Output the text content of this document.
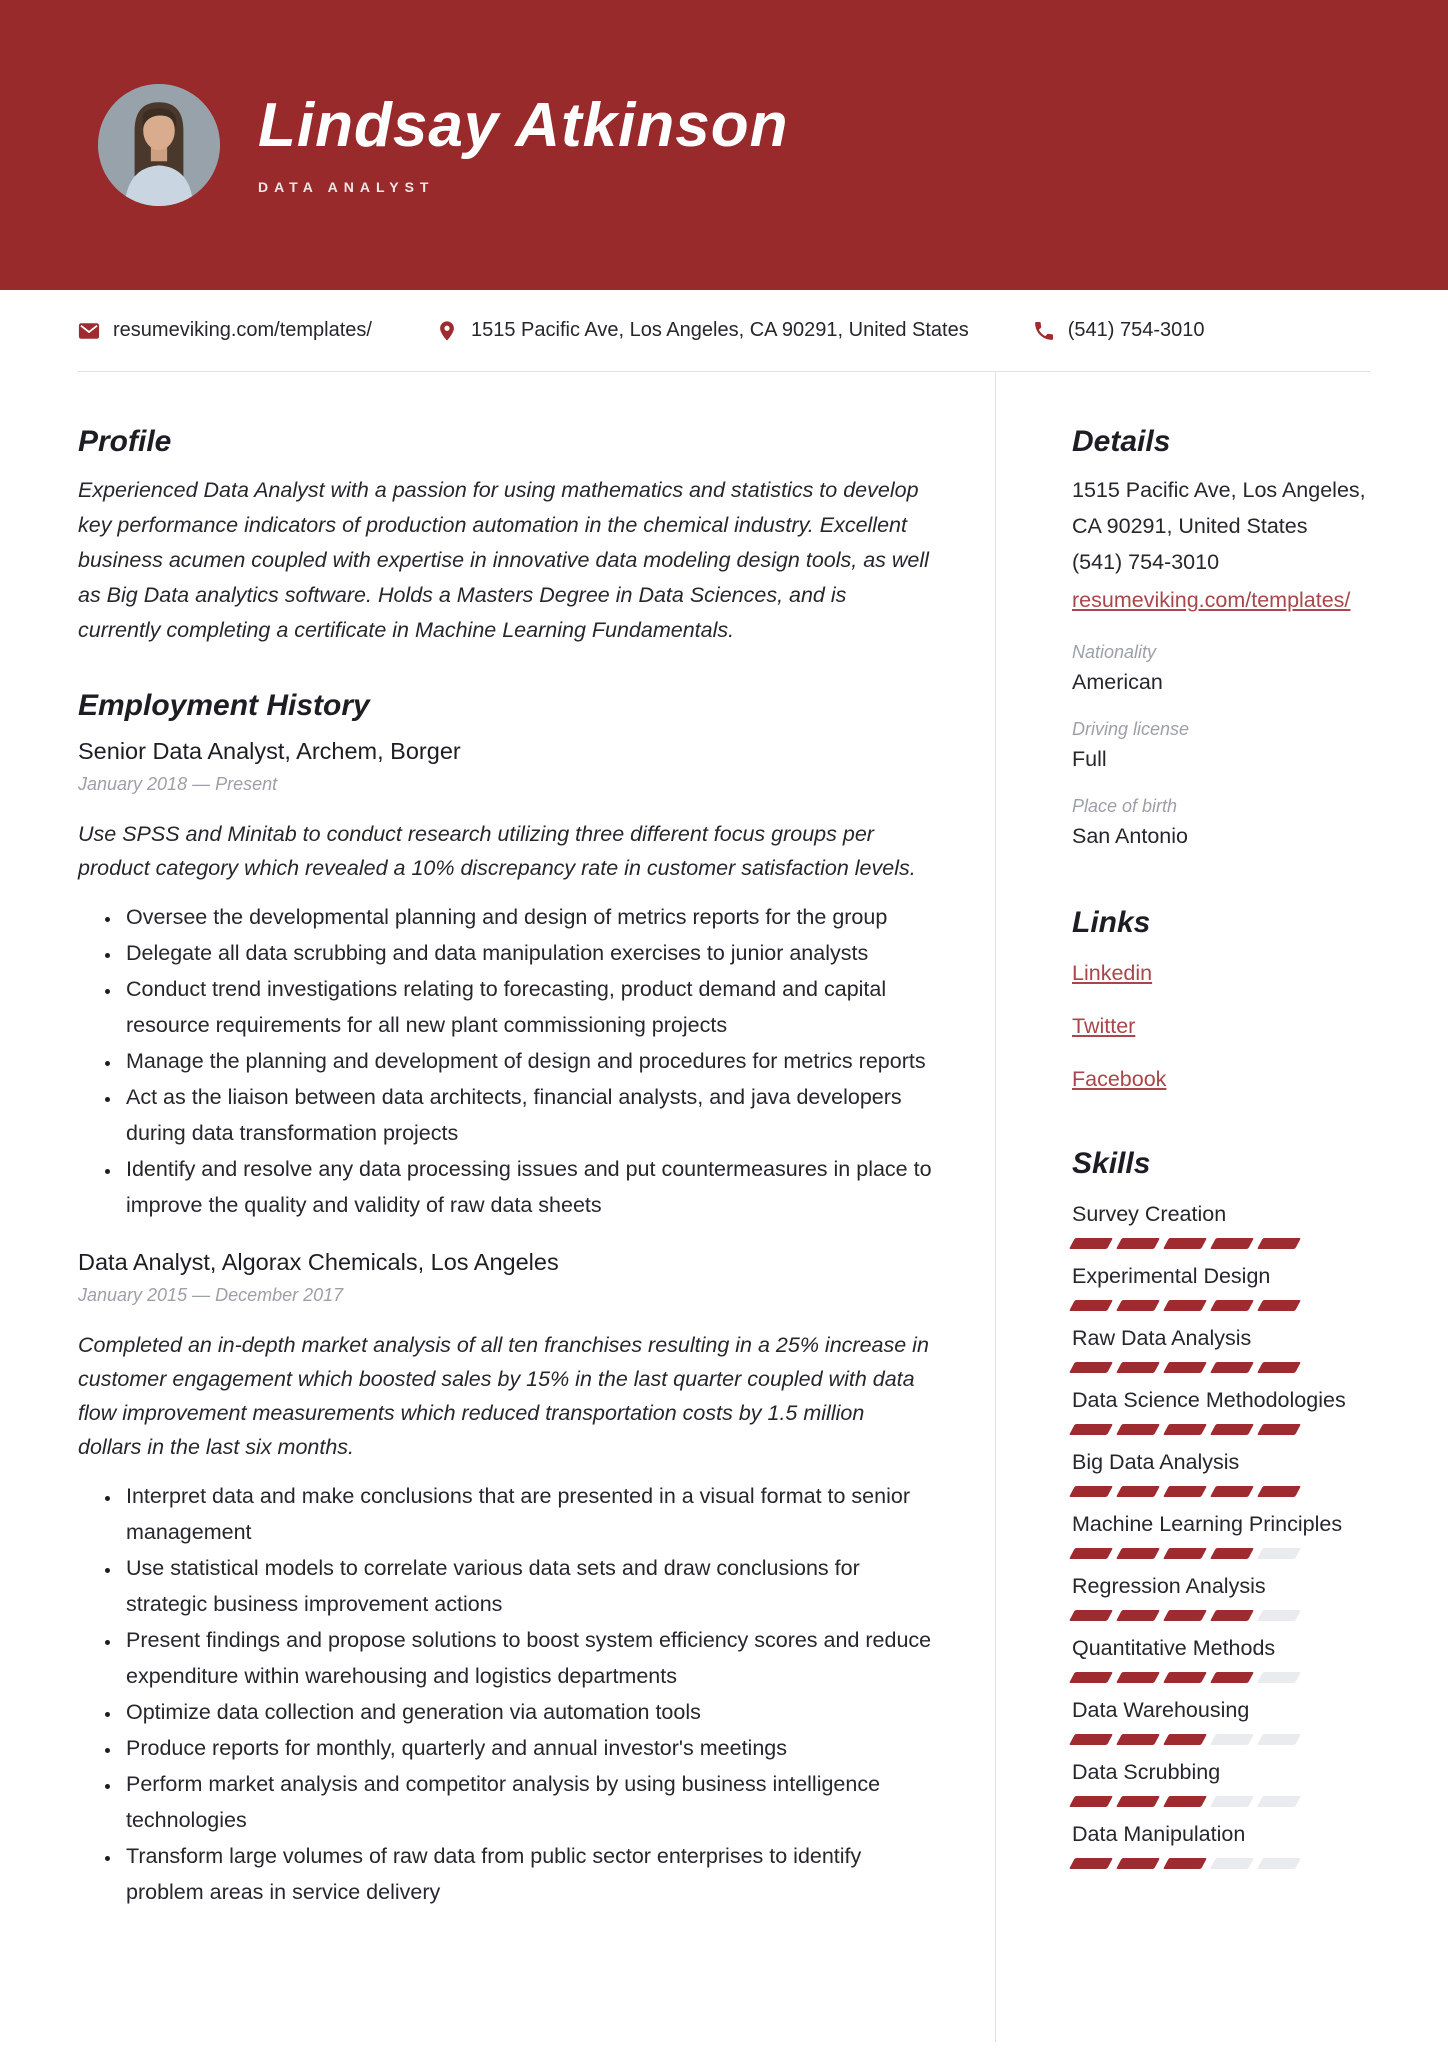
Lindsay Atkinson
DATA ANALYST
resumeviking.com/templates/	1515 Pacific Ave, Los Angeles, CA 90291, United States	(541) 754-3010
Profile

Experienced Data Analyst with a passion for using mathematics and statistics to develop key performance indicators of production automation in the chemical industry. Excellent business acumen coupled with expertise in innovative data modeling design tools, as well as Big Data analytics software. Holds a Masters Degree in Data Sciences, and is currently completing a certificate in Machine Learning Fundamentals.

Employment History
Senior Data Analyst, Archem, Borger
January 2018 — Present

Use SPSS and Minitab to conduct research utilizing three different focus groups per product category which revealed a 10% discrepancy rate in customer satisfaction levels.

• Oversee the developmental planning and design of metrics reports for the group
• Delegate all data scrubbing and data manipulation exercises to junior analysts
• Conduct trend investigations relating to forecasting, product demand and capital resource requirements for all new plant commissioning projects
• Manage the planning and development of design and procedures for metrics reports
• Act as the liaison between data architects, financial analysts, and java developers during data transformation projects
• Identify and resolve any data processing issues and put countermeasures in place to improve the quality and validity of raw data sheets
Data Analyst, Algorax Chemicals, Los Angeles
January 2015 — December 2017

Completed an in-depth market analysis of all ten franchises resulting in a 25% increase in customer engagement which boosted sales by 15% in the last quarter coupled with data flow improvement measurements which reduced transportation costs by 1.5 million dollars in the last six months.

• Interpret data and make conclusions that are presented in a visual format to senior management
• Use statistical models to correlate various data sets and draw conclusions for strategic business improvement actions
• Present findings and propose solutions to boost system efficiency scores and reduce expenditure within warehousing and logistics departments
• Optimize data collection and generation via automation tools
• Produce reports for monthly, quarterly and annual investor's meetings
• Perform market analysis and competitor analysis by using business intelligence technologies
• Transform large volumes of raw data from public sector enterprises to identify problem areas in service delivery
Details
1515 Pacific Ave, Los Angeles, CA 90291, United States
(541) 754-3010
resumeviking.com/templates/
Nationality
American
Driving license
Full
Place of birth
San Antonio
Links
Linkedin
Twitter
Facebook
Skills
Survey Creation
Experimental Design
Raw Data Analysis
Data Science Methodologies
Big Data Analysis
Machine Learning Principles
Regression Analysis
Quantitative Methods
Data Warehousing
Data Scrubbing
Data Manipulation
